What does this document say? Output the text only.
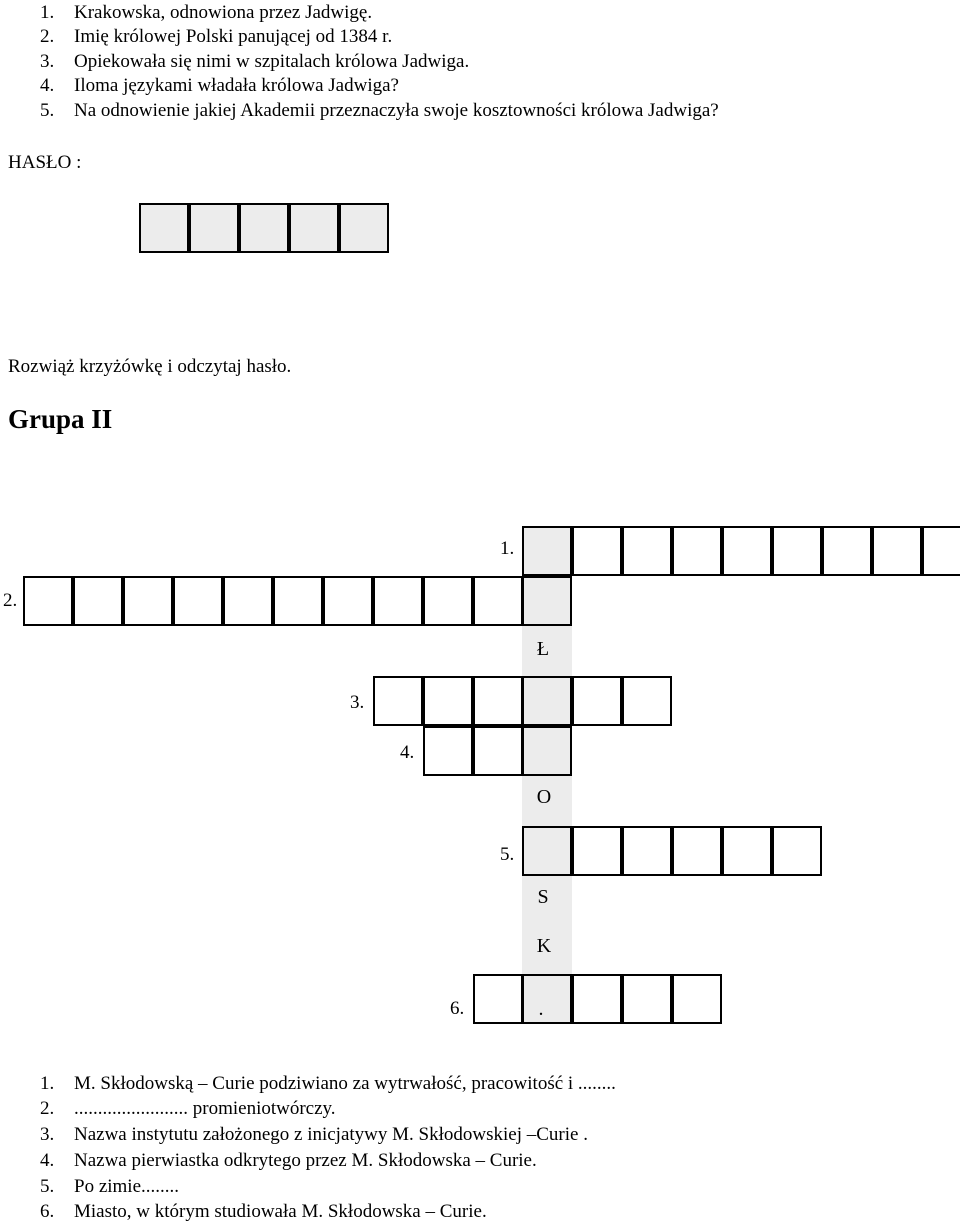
1. Krakowska, odnowiona przez Jadwigę.
2. Imię królowej Polski panującej od 1384 r.
3. Opiekowała się nimi w szpitalach królowa Jadwiga.
4. Iloma językami władała królowa Jadwiga?
5. Na odnowienie jakiej Akademii przeznaczyła swoje kosztowności królowa Jadwiga?
HASŁO :
Rozwiąż krzyżówkę i odczytaj hasło.
Grupa II
1.
2.
Ł
3.
4.
O
5.
S
K
6.	.
1. M. Skłodowską – Curie podziwiano za wytrwałość, pracowitość i ........
2. ........................ promieniotwórczy.
3. Nazwa instytutu założonego z inicjatywy M. Skłodowskiej –Curie .
4. Nazwa pierwiastka odkrytego przez M. Skłodowska – Curie.
5. Po zimie........
6. Miasto, w którym studiowała M. Skłodowska – Curie.
